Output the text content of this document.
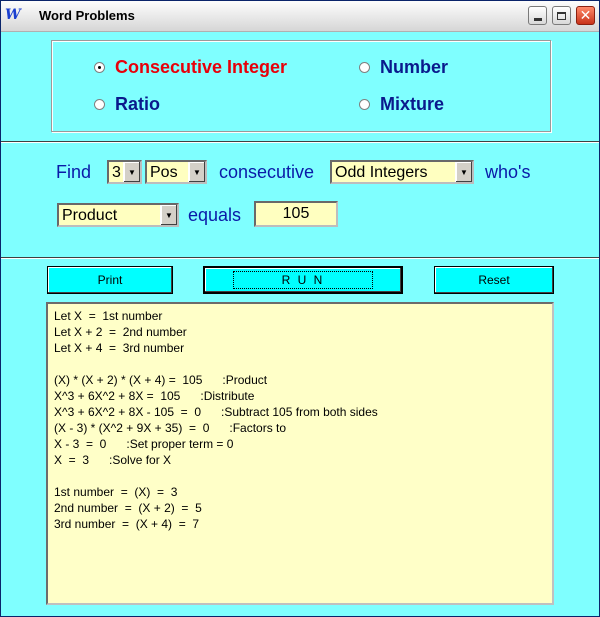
W Word Problems	✕
Consecutive Integer	Number
Ratio	Mixture
Find 3 ▼ Pos	▼ consecutive Odd Integers	▼ who's
Product	▼ equals	105
Print	R U N	Reset
Let X  =  1st number
Let X + 2  =  2nd number
Let X + 4  =  3rd number
(X) * (X + 2) * (X + 4) =  105      :Product
X^3 + 6X^2 + 8X =  105      :Distribute
X^3 + 6X^2 + 8X - 105  =  0      :Subtract 105 from both sides
(X - 3) * (X^2 + 9X + 35)  =  0      :Factors to
X - 3  =  0      :Set proper term = 0
X  =  3      :Solve for X
1st number  =  (X)  =  3
2nd number  =  (X + 2)  =  5
3rd number  =  (X + 4)  =  7
